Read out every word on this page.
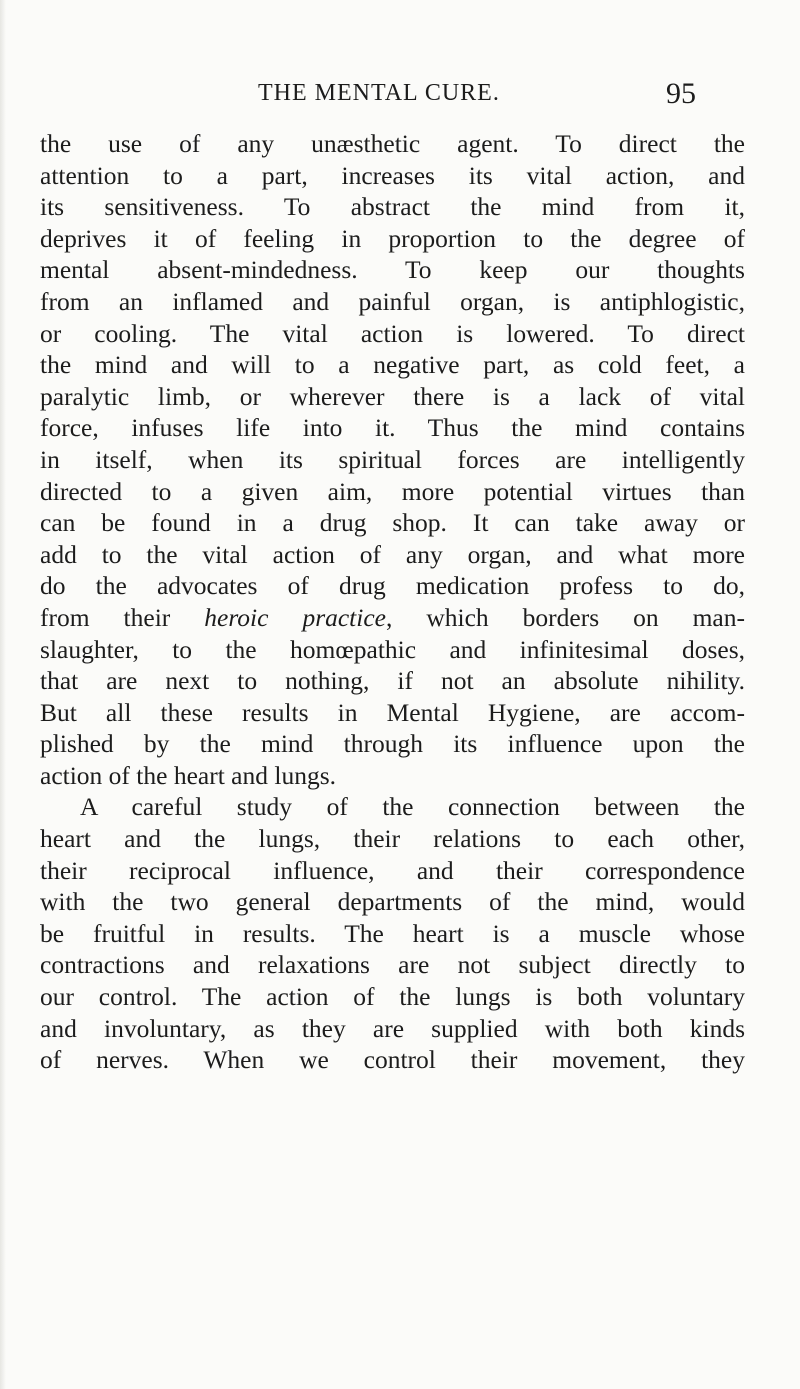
THE MENTAL CURE.	95
the use of any unæsthetic agent. To direct the
attention to a part, increases its vital action, and
its sensitiveness. To abstract the mind from it,
deprives it of feeling in proportion to the degree of
mental absent-mindedness. To keep our thoughts
from an inflamed and painful organ, is antiphlogistic,
or cooling. The vital action is lowered. To direct
the mind and will to a negative part, as cold feet, a
paralytic limb, or wherever there is a lack of vital
force, infuses life into it. Thus the mind contains
in itself, when its spiritual forces are intelligently
directed to a given aim, more potential virtues than
can be found in a drug shop. It can take away or
add to the vital action of any organ, and what more
do the advocates of drug medication profess to do,
from their heroic practice, which borders on man-
slaughter, to the homœpathic and infinitesimal doses,
that are next to nothing, if not an absolute nihility.
But all these results in Mental Hygiene, are accom-
plished by the mind through its influence upon the
action of the heart and lungs.
A careful study of the connection between the
heart and the lungs, their relations to each other,
their reciprocal influence, and their correspondence
with the two general departments of the mind, would
be fruitful in results. The heart is a muscle whose
contractions and relaxations are not subject directly to
our control. The action of the lungs is both voluntary
and involuntary, as they are supplied with both kinds
of nerves. When we control their movement, they
